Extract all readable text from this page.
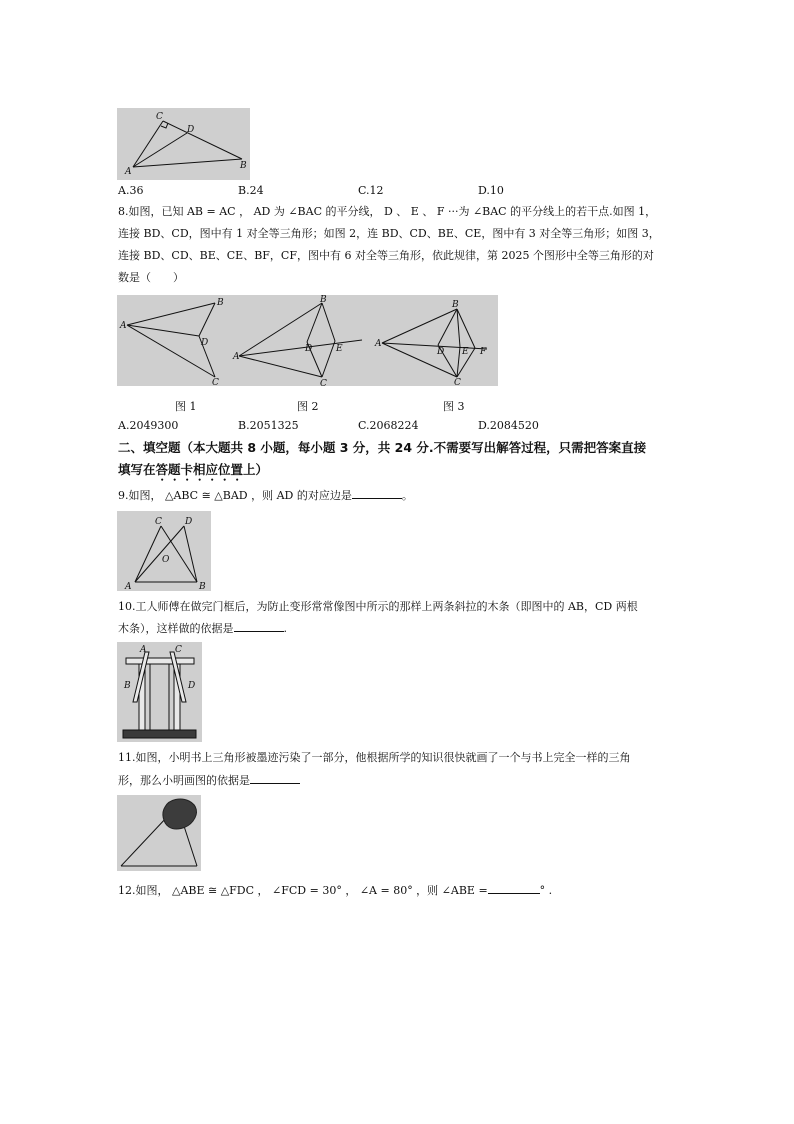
C
D
A
B
A.36	B.24	C.12	D.10
8.如图，已知 AB = AC ， AD 为 ∠BAC 的平分线， D 、 E 、 F ···为 ∠BAC 的平分线上的若干点.如图 1，
连接 BD、CD，图中有 1 对全等三角形；如图 2，连 BD、CD、BE、CE，图中有 3 对全等三角形；如图 3，
连接 BD、CD、BE、CE、BF，CF，图中有 6 对全等三角形，依此规律，第 2025 个图形中全等三角形的对
数是（　　）
A
B
D
C
A
B
D	E
C
A
B
D E F
C
图 1	图 2	图 3
A.2049300	B.2051325	C.2068224	D.2084520
二、填空题（本大题共 8 小题，每小题 3 分，共 24 分.不需要写出解答过程，只需把答案直接
填写在答题卡相应位置上）
9.如图， △ABC ≅ △BAD ，则 AD 的对应边是	。
C	D
O
A	B
10.工人师傅在做完门框后，为防止变形常常像图中所示的那样上两条斜拉的木条（即图中的 AB，CD 两根
木条），这样做的依据是	.
A	C
B	D
11.如图，小明书上三角形被墨迹污染了一部分，他根据所学的知识很快就画了一个与书上完全一样的三角
形，那么小明画图的依据是
12.如图， △ABE ≅ △FDC ， ∠FCD = 30° ， ∠A = 80° ，则 ∠ABE =	° .
